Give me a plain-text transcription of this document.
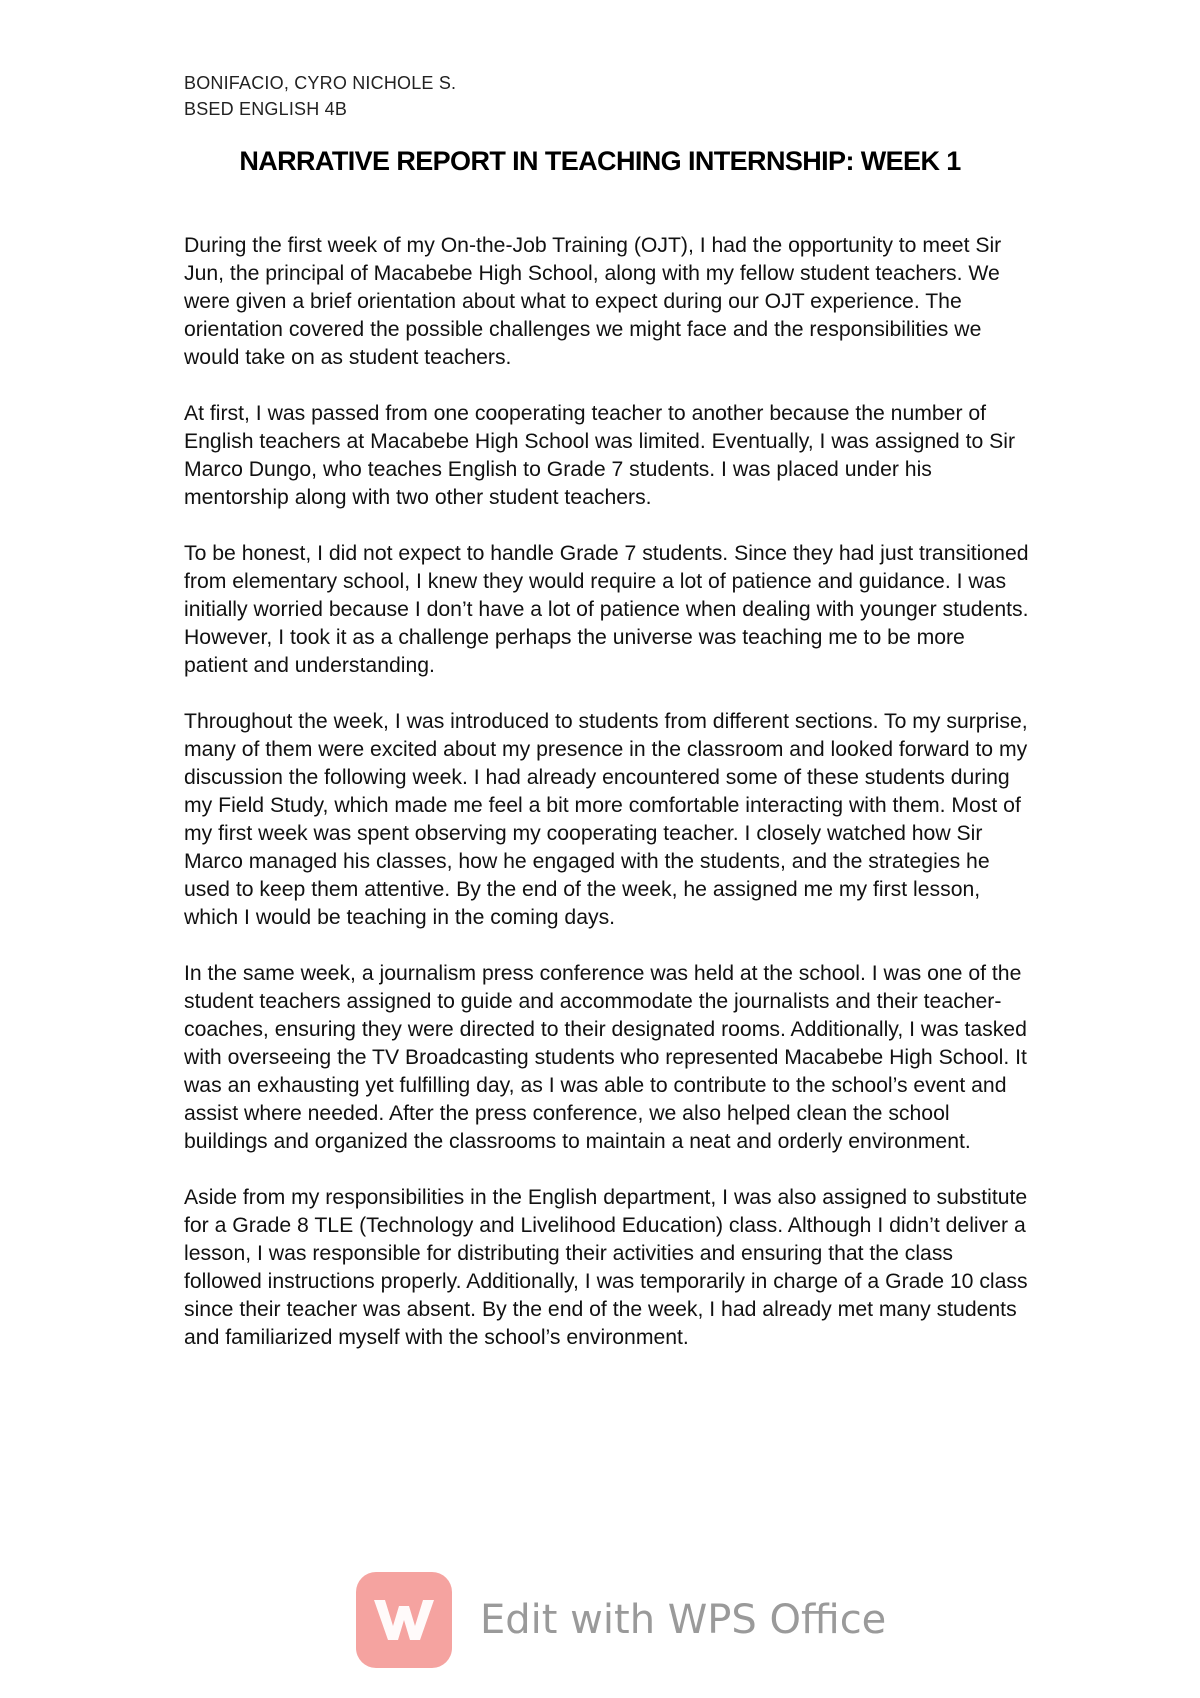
BONIFACIO, CYRO NICHOLE S.
BSED ENGLISH 4B
NARRATIVE REPORT IN TEACHING INTERNSHIP: WEEK 1

During the first week of my On-the-Job Training (OJT), I had the opportunity to meet Sir Jun, the principal of Macabebe High School, along with my fellow student teachers. We were given a brief orientation about what to expect during our OJT experience. The orientation covered the possible challenges we might face and the responsibilities we would take on as student teachers.

At first, I was passed from one cooperating teacher to another because the number of English teachers at Macabebe High School was limited. Eventually, I was assigned to Sir Marco Dungo, who teaches English to Grade 7 students. I was placed under his mentorship along with two other student teachers.

To be honest, I did not expect to handle Grade 7 students. Since they had just transitioned from elementary school, I knew they would require a lot of patience and guidance. I was initially worried because I don’t have a lot of patience when dealing with younger students. However, I took it as a challenge perhaps the universe was teaching me to be more patient and understanding.

Throughout the week, I was introduced to students from different sections. To my surprise, many of them were excited about my presence in the classroom and looked forward to my discussion the following week. I had already encountered some of these students during my Field Study, which made me feel a bit more comfortable interacting with them. Most of my first week was spent observing my cooperating teacher. I closely watched how Sir Marco managed his classes, how he engaged with the students, and the strategies he used to keep them attentive. By the end of the week, he assigned me my first lesson, which I would be teaching in the coming days.

In the same week, a journalism press conference was held at the school. I was one of the student teachers assigned to guide and accommodate the journalists and their teacher-coaches, ensuring they were directed to their designated rooms. Additionally, I was tasked with overseeing the TV Broadcasting students who represented Macabebe High School. It was an exhausting yet fulfilling day, as I was able to contribute to the school’s event and assist where needed. After the press conference, we also helped clean the school buildings and organized the classrooms to maintain a neat and orderly environment.

Aside from my responsibilities in the English department, I was also assigned to substitute for a Grade 8 TLE (Technology and Livelihood Education) class. Although I didn’t deliver a lesson, I was responsible for distributing their activities and ensuring that the class followed instructions properly. Additionally, I was temporarily in charge of a Grade 10 class since their teacher was absent. By the end of the week, I had already met many students and familiarized myself with the school’s environment.

Edit with WPS Office
